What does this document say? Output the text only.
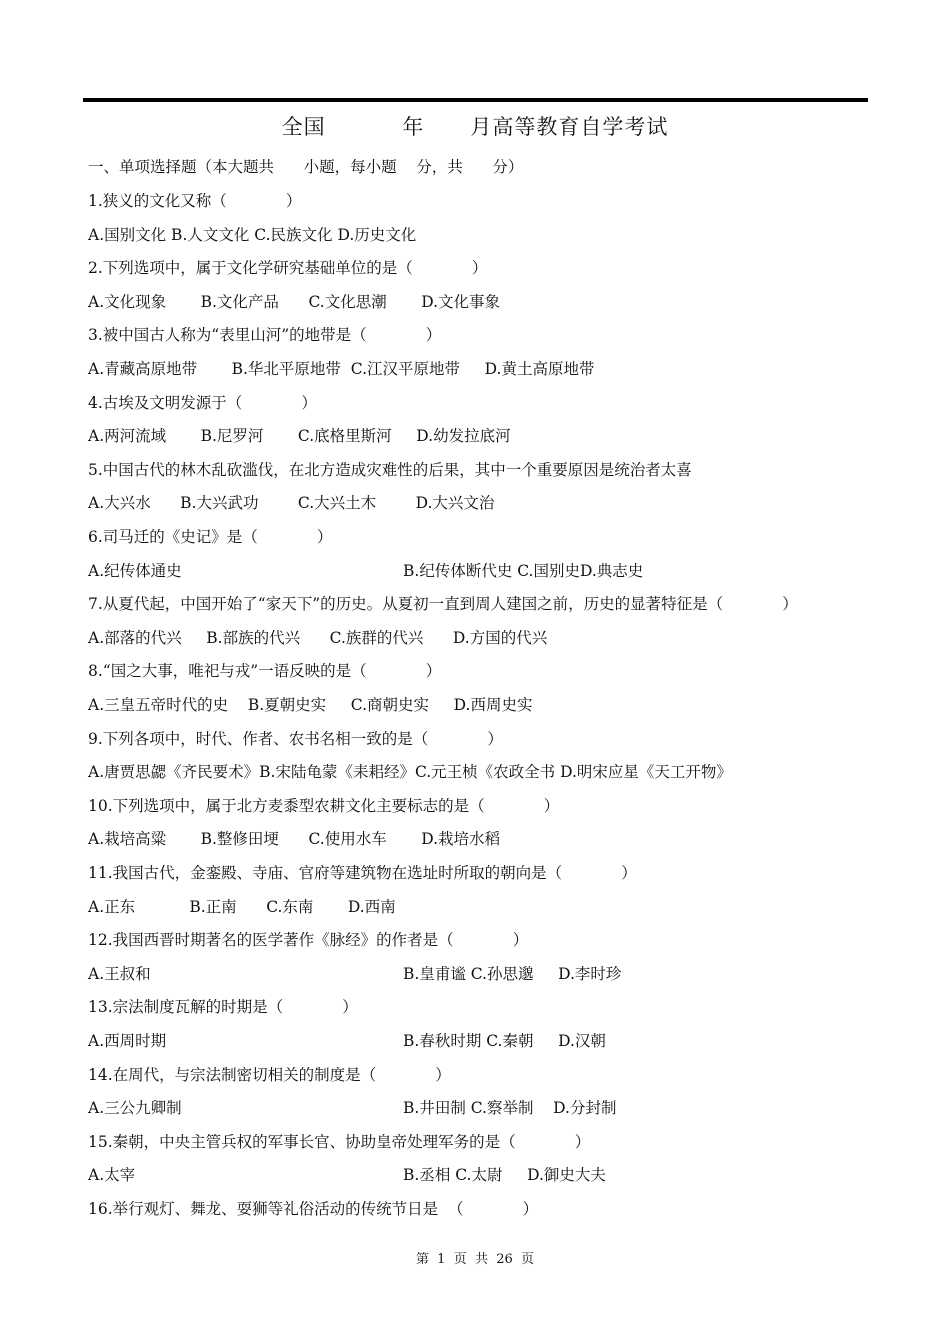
全国          年      月高等教育自学考试
一、单项选择题（本大题共      小题，每小题    分，共      分）
1.狭义的文化又称（            ）
A.国别文化 B.人文文化 C.民族文化 D.历史文化
2.下列选项中，属于文化学研究基础单位的是（            ）
A.文化现象       B.文化产品      C.文化思潮       D.文化事象
3.被中国古人称为“表里山河”的地带是（            ）
A.青藏高原地带       B.华北平原地带  C.江汉平原地带     D.黄土高原地带
4.古埃及文明发源于（            ）
A.两河流域       B.尼罗河       C.底格里斯河     D.幼发拉底河
5.中国古代的林木乱砍滥伐，在北方造成灾难性的后果，其中一个重要原因是统治者太喜
A.大兴水      B.大兴武功        C.大兴土木        D.大兴文治
6.司马迁的《史记》是（            ）
A.纪传体通史	B.纪传体断代史 C.国别史D.典志史
7.从夏代起，中国开始了“家天下”的历史。从夏初一直到周人建国之前，历史的显著特征是（            ）
A.部落的代兴     B.部族的代兴      C.族群的代兴      D.方国的代兴
8.“国之大事，唯祀与戎”一语反映的是（            ）
A.三皇五帝时代的史    B.夏朝史实     C.商朝史实     D.西周史实
9.下列各项中，时代、作者、农书名相一致的是（            ）
A.唐贾思勰《齐民要术》B.宋陆龟蒙《耒耜经》C.元王桢《农政全书 D.明宋应星《天工开物》
10.下列选项中，属于北方麦黍型农耕文化主要标志的是（            ）
A.栽培高粱       B.整修田埂      C.使用水车       D.栽培水稻
11.我国古代，金銮殿、寺庙、官府等建筑物在选址时所取的朝向是（            ）
A.正东           B.正南      C.东南       D.西南
12.我国西晋时期著名的医学著作《脉经》的作者是（            ）
A.王叔和	B.皇甫谧 C.孙思邈     D.李时珍
13.宗法制度瓦解的时期是（            ）
A.西周时期	B.春秋时期 C.秦朝     D.汉朝
14.在周代，与宗法制密切相关的制度是（            ）
A.三公九卿制	B.井田制 C.察举制    D.分封制
15.秦朝，中央主管兵权的军事长官、协助皇帝处理军务的是（            ）
A.太宰	B.丞相 C.太尉     D.御史大夫
16.举行观灯、舞龙、耍狮等礼俗活动的传统节日是  （            ）
第  1  页  共  26  页
